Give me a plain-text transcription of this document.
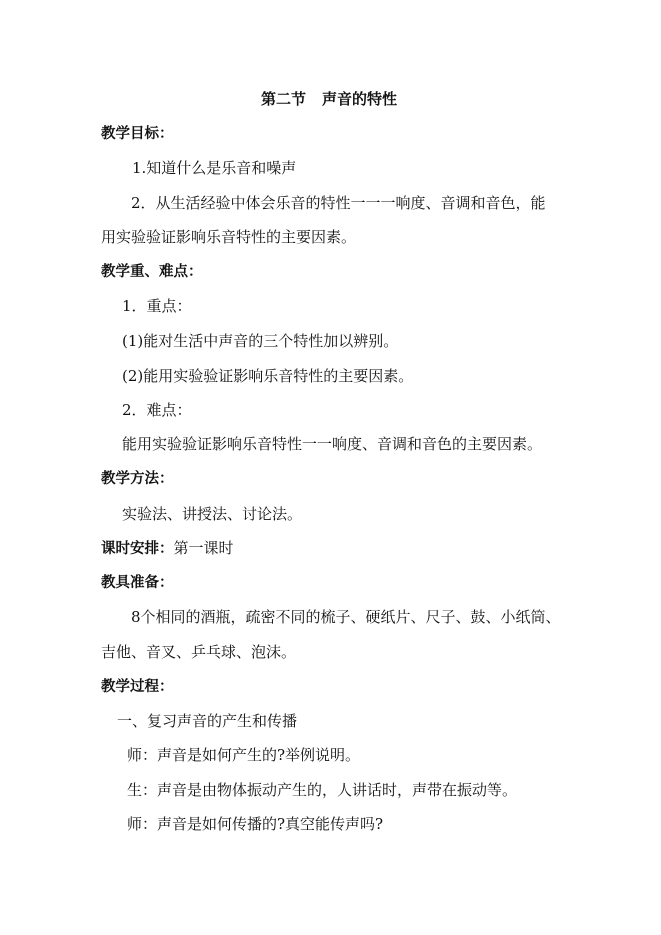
第二节 声音的特性
教学目标：
1.知道什么是乐音和噪声
2．从生活经验中体会乐音的特性一一一响度、音调和音色，能
用实验验证影响乐音特性的主要因素。
教学重、难点：
1．重点：
(1)能对生活中声音的三个特性加以辨别。
(2)能用实验验证影响乐音特性的主要因素。
2．难点：
能用实验验证影响乐音特性一一响度、音调和音色的主要因素。
教学方法：
实验法、讲授法、讨论法。
课时安排：第一课时
教具准备：
8个相同的酒瓶，疏密不同的梳子、硬纸片、尺子、鼓、小纸筒、
吉他、音叉、乒乓球、泡沫。
教学过程：
一、复习声音的产生和传播
师：声音是如何产生的?举例说明。
生：声音是由物体振动产生的，人讲话时，声带在振动等。
师：声音是如何传播的?真空能传声吗?
